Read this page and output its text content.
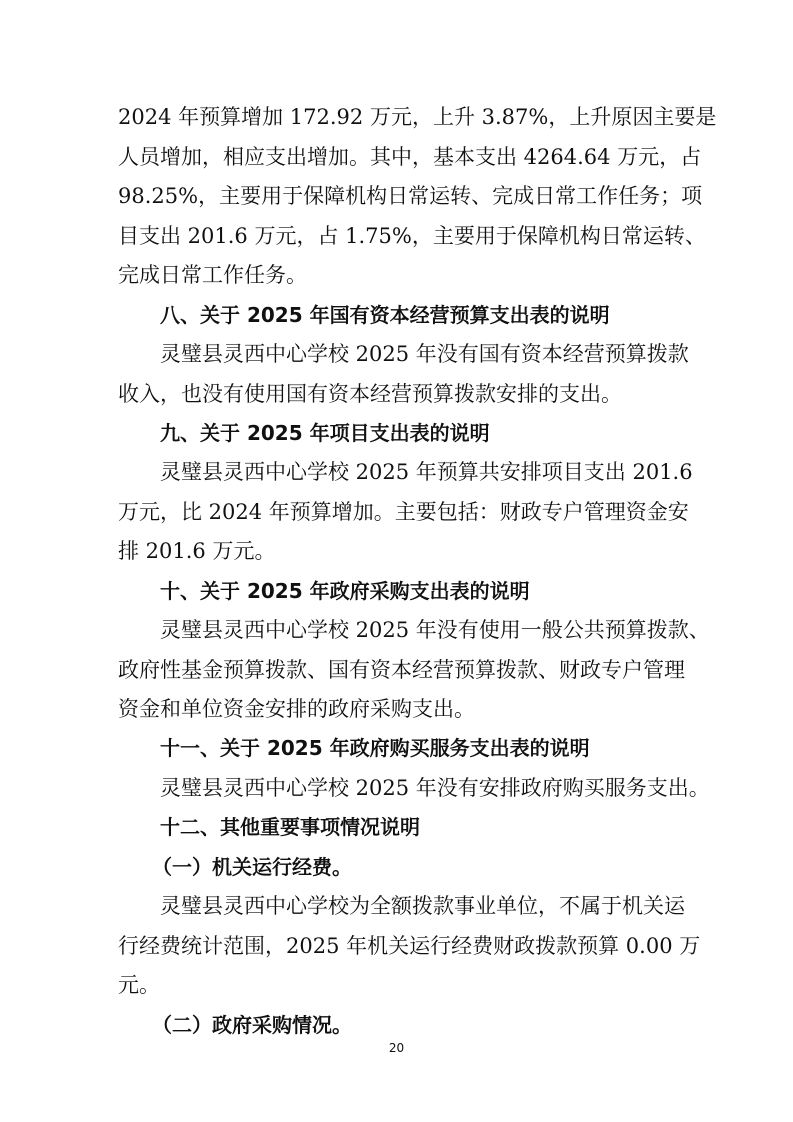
2024 年预算增加 172.92 万元，上升 3.87%，上升原因主要是
人员增加，相应支出增加。其中，基本支出 4264.64 万元，占
98.25%，主要用于保障机构日常运转、完成日常工作任务；项
目支出 201.6 万元，占 1.75%，主要用于保障机构日常运转、
完成日常工作任务。
八、关于 2025 年国有资本经营预算支出表的说明
灵璧县灵西中心学校 2025 年没有国有资本经营预算拨款
收入，也没有使用国有资本经营预算拨款安排的支出。
九、关于 2025 年项目支出表的说明
灵璧县灵西中心学校 2025 年预算共安排项目支出 201.6
万元，比 2024 年预算增加。主要包括：财政专户管理资金安
排 201.6 万元。
十、关于 2025 年政府采购支出表的说明
灵璧县灵西中心学校 2025 年没有使用一般公共预算拨款、
政府性基金预算拨款、国有资本经营预算拨款、财政专户管理
资金和单位资金安排的政府采购支出。
十一、关于 2025 年政府购买服务支出表的说明
灵璧县灵西中心学校 2025 年没有安排政府购买服务支出。
十二、其他重要事项情况说明
（一）机关运行经费。
灵璧县灵西中心学校为全额拨款事业单位，不属于机关运
行经费统计范围，2025 年机关运行经费财政拨款预算 0.00 万
元。
（二）政府采购情况。
20
